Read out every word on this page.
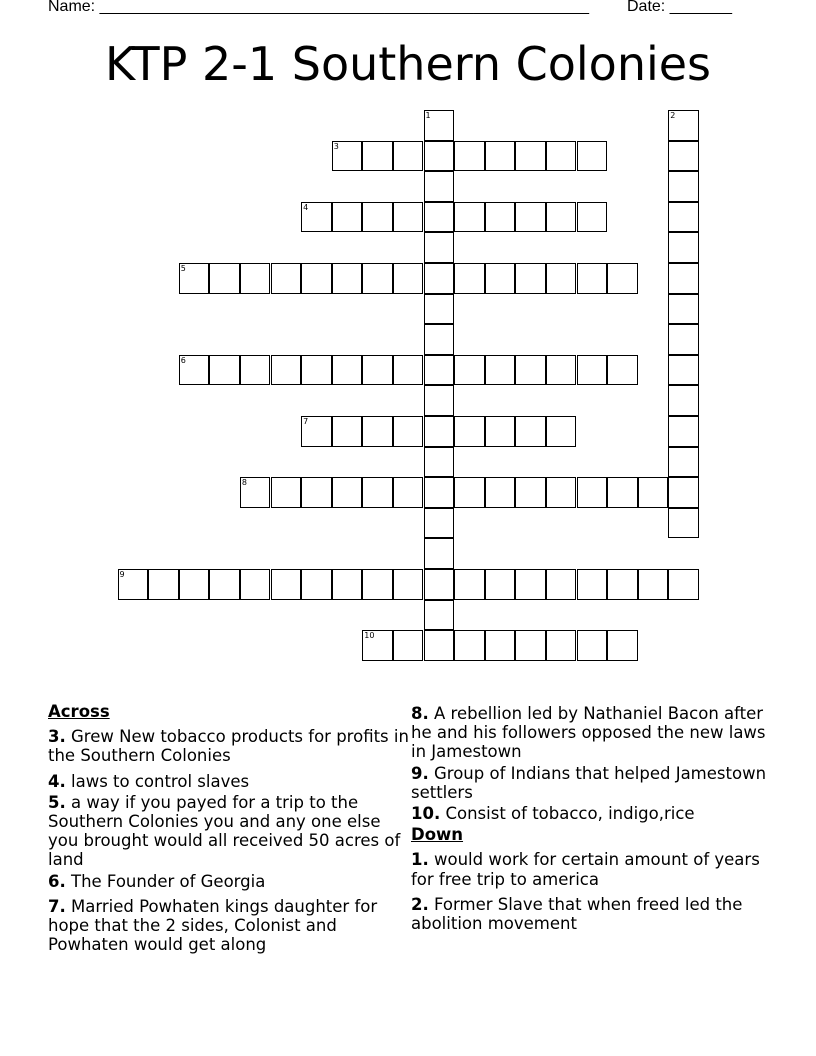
Name: _______________________________________________________ Date: _______
KTP 2-1 Southern Colonies
1	2
3
4
5
6
7
8
9
10
Across
3. Grew New tobacco products for profits in the Southern Colonies
4. laws to control slaves
5. a way if you payed for a trip to the Southern Colonies you and any one else you brought would all received 50 acres of land
6. The Founder of Georgia
7. Married Powhaten kings daughter for hope that the 2 sides, Colonist and Powhaten would get along
8. A rebellion led by Nathaniel Bacon after he and his followers opposed the new laws in Jamestown
9. Group of Indians that helped Jamestown settlers
10. Consist of tobacco, indigo,rice
Down
1. would work for certain amount of years for free trip to america
2. Former Slave that when freed led the abolition movement
